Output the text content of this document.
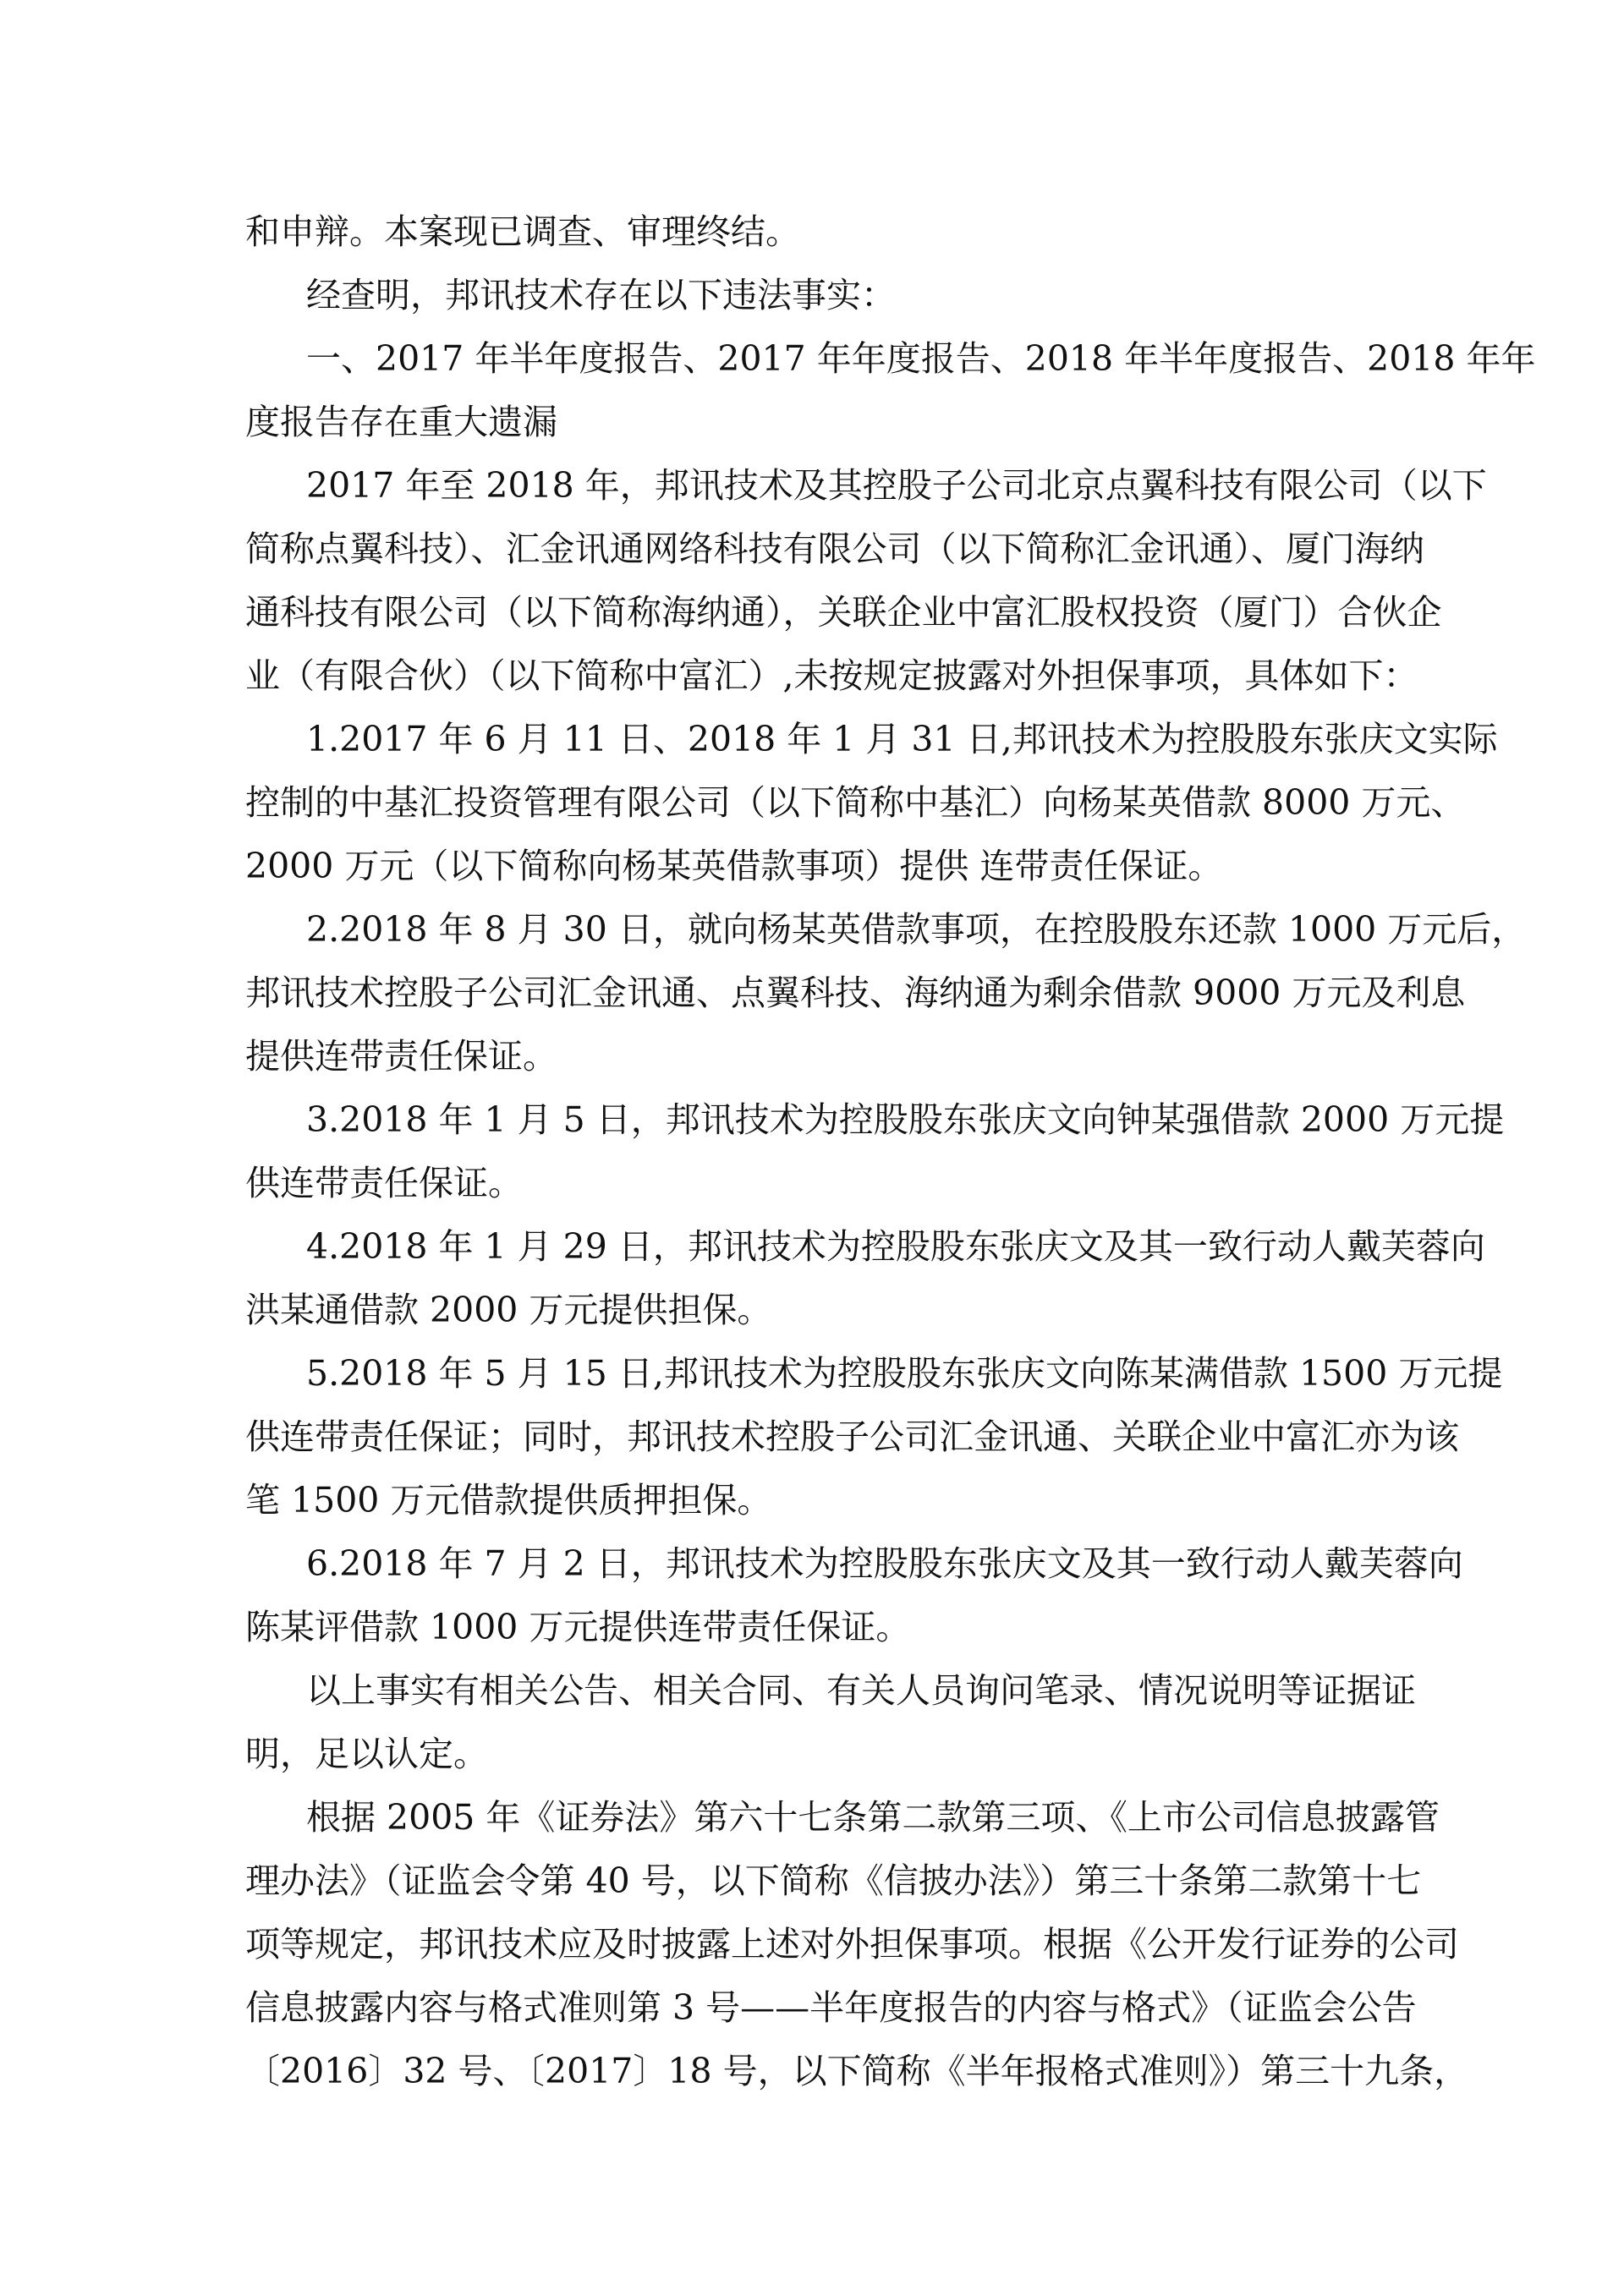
和申辩。本案现已调查、审理终结。
经查明，邦讯技术存在以下违法事实：
一、2017 年半年度报告、2017 年年度报告、2018 年半年度报告、2018 年年
度报告存在重大遗漏
2017 年至 2018 年，邦讯技术及其控股子公司北京点翼科技有限公司（以下
简称点翼科技）、汇金讯通网络科技有限公司（以下简称汇金讯通）、厦门海纳
通科技有限公司（以下简称海纳通），关联企业中富汇股权投资（厦门）合伙企
业（有限合伙）（以下简称中富汇）,未按规定披露对外担保事项，具体如下：
1.2017 年 6 月 11 日、2018 年 1 月 31 日,邦讯技术为控股股东张庆文实际
控制的中基汇投资管理有限公司（以下简称中基汇）向杨某英借款 8000 万元、
2000 万元（以下简称向杨某英借款事项）提供 连带责任保证。
2.2018 年 8 月 30 日，就向杨某英借款事项，在控股股东还款 1000 万元后，
邦讯技术控股子公司汇金讯通、点翼科技、海纳通为剩余借款 9000 万元及利息
提供连带责任保证。
3.2018 年 1 月 5 日，邦讯技术为控股股东张庆文向钟某强借款 2000 万元提
供连带责任保证。
4.2018 年 1 月 29 日，邦讯技术为控股股东张庆文及其一致行动人戴芙蓉向
洪某通借款 2000 万元提供担保。
5.2018 年 5 月 15 日,邦讯技术为控股股东张庆文向陈某满借款 1500 万元提
供连带责任保证；同时，邦讯技术控股子公司汇金讯通、关联企业中富汇亦为该
笔 1500 万元借款提供质押担保。
6.2018 年 7 月 2 日，邦讯技术为控股股东张庆文及其一致行动人戴芙蓉向
陈某评借款 1000 万元提供连带责任保证。
以上事实有相关公告、相关合同、有关人员询问笔录、情况说明等证据证
明，足以认定。
根据 2005 年《证券法》第六十七条第二款第三项、《上市公司信息披露管
理办法》（证监会令第 40 号，以下简称《信披办法》）第三十条第二款第十七
项等规定，邦讯技术应及时披露上述对外担保事项。根据《公开发行证券的公司
信息披露内容与格式准则第 3 号——半年度报告的内容与格式》（证监会公告
〔2016〕32 号、〔2017〕18 号，以下简称《半年报格式准则》）第三十九条，
